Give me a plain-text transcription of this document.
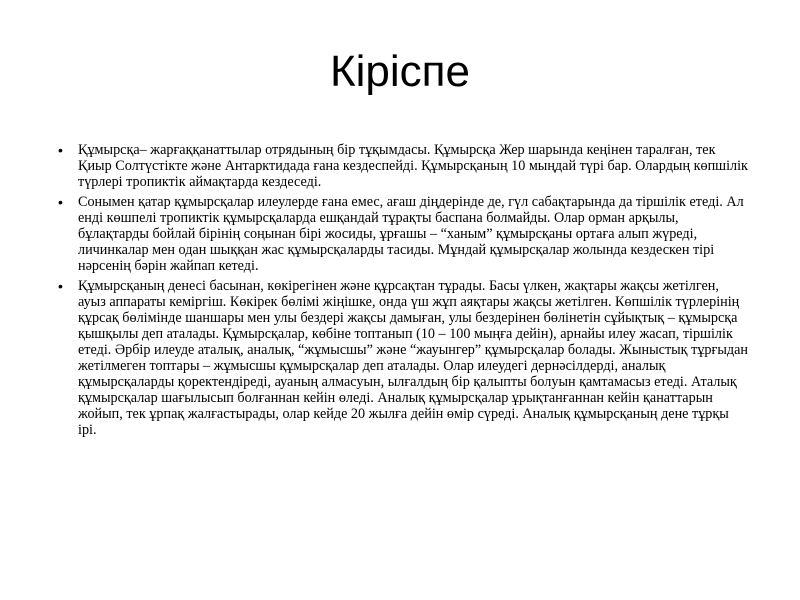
Кіріспе
• Құмырсқа– жарғаққанаттылар отрядының бір тұқымдасы. Құмырсқа Жер шарында кеңінен таралған, тек Қиыр Солтүстікте және Антарктидада ғана кездеспейді. Құмырсқаның 10 мыңдай түрі бар. Олардың көпшілік түрлері тропиктік аймақтарда кездеседі.
• Сонымен қатар құмырсқалар илеулерде ғана емес, ағаш діңдерінде де, гүл сабақтарында да тіршілік етеді. Ал енді көшпелі тропиктік құмырсқаларда ешқандай тұрақты баспана болмайды. Олар орман арқылы, бұлақтарды бойлай бірінің соңынан бірі жосиды, ұрғашы – “ханым” құмырсқаны ортаға алып жүреді, личинкалар мен одан шыққан жас құмырсқаларды тасиды. Мұндай құмырсқалар жолында кездескен тірі нәрсенің бәрін жайпап кетеді.
• Құмырсқаның денесі басынан, көкірегінен және құрсақтан тұрады. Басы үлкен, жақтары жақсы жетілген, ауыз аппараты кеміргіш. Көкірек бөлімі жіңішке, онда үш жұп аяқтары жақсы жетілген. Көпшілік түрлерінің құрсақ бөлімінде шаншары мен улы бездері жақсы дамыған, улы бездерінен бөлінетін сұйықтық – құмырсқа қышқылы деп аталады. Құмырсқалар, көбіне топтанып (10 – 100 мыңға дейін), арнайы илеу жасап, тіршілік етеді. Әрбір илеуде аталық, аналық, “жұмысшы” және “жауынгер” құмырсқалар болады. Жыныстық тұрғыдан жетілмеген топтары – жұмысшы құмырсқалар деп аталады. Олар илеудегі дернәсілдерді, аналық құмырсқаларды қоректендіреді, ауаның алмасуын, ылғалдың бір қалыпты болуын қамтамасыз етеді. Аталық құмырсқалар шағылысып болғаннан кейін өледі. Аналық құмырсқалар ұрықтанғаннан кейін қанаттарын жойып, тек ұрпақ жалғастырады, олар кейде 20 жылға дейін өмір сүреді. Аналық құмырсқаның дене тұрқы ірі.
